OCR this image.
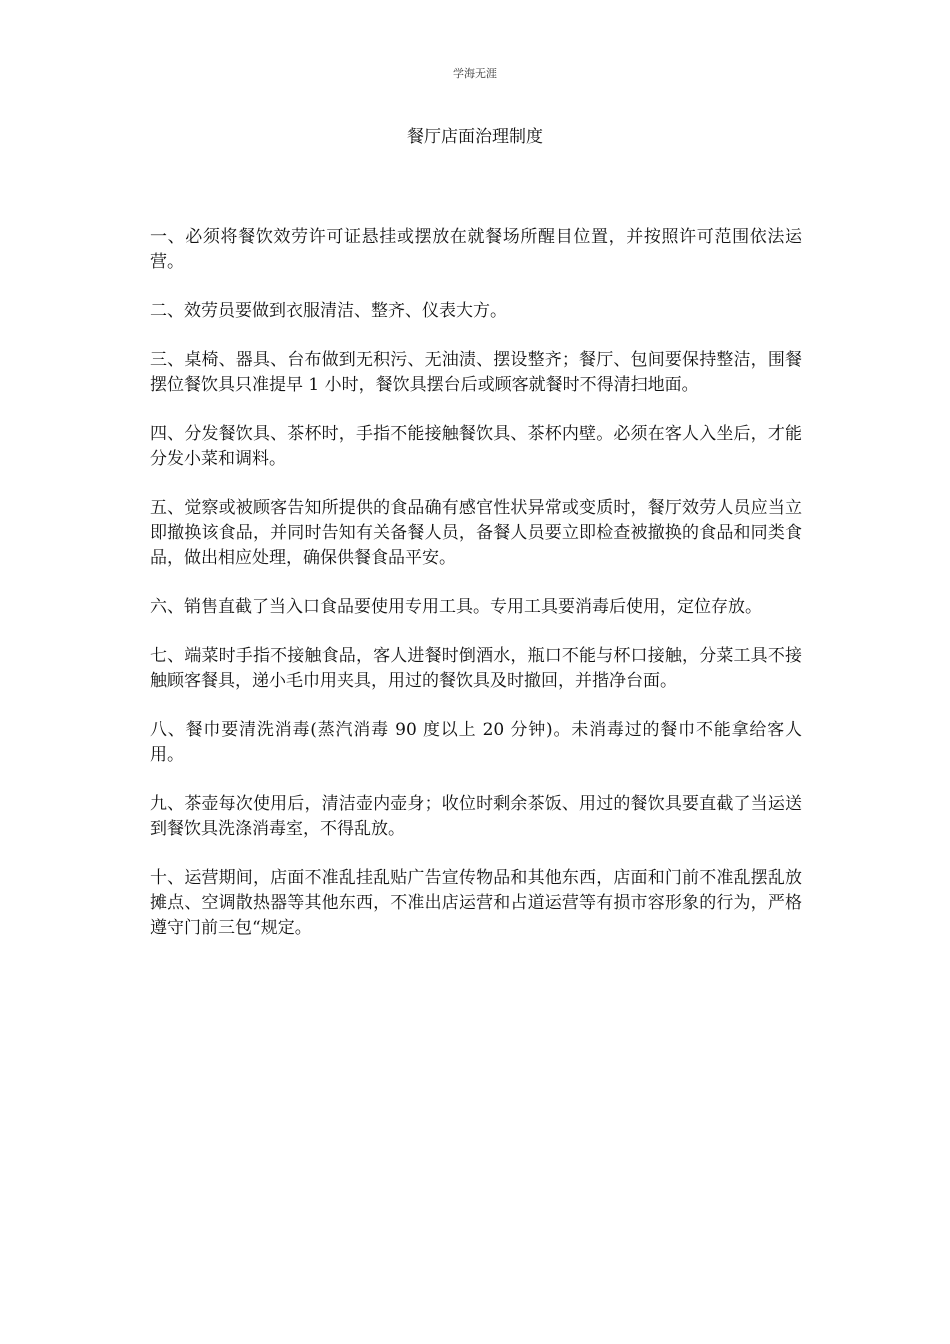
学海无涯
餐厅店面治理制度

一、必须将餐饮效劳许可证悬挂或摆放在就餐场所醒目位置，并按照许可范围依法运营。

二、效劳员要做到衣服清洁、整齐、仪表大方。

三、桌椅、器具、台布做到无积污、无油渍、摆设整齐；餐厅、包间要保持整洁，围餐摆位餐饮具只准提早 1 小时，餐饮具摆台后或顾客就餐时不得清扫地面。

四、分发餐饮具、茶杯时，手指不能接触餐饮具、茶杯内壁。必须在客人入坐后，才能分发小菜和调料。

五、觉察或被顾客告知所提供的食品确有感官性状异常或变质时，餐厅效劳人员应当立即撤换该食品，并同时告知有关备餐人员，备餐人员要立即检查被撤换的食品和同类食品，做出相应处理，确保供餐食品平安。

六、销售直截了当入口食品要使用专用工具。专用工具要消毒后使用，定位存放。

七、端菜时手指不接触食品，客人进餐时倒酒水，瓶口不能与杯口接触，分菜工具不接触顾客餐具，递小毛巾用夹具，用过的餐饮具及时撤回，并揩净台面。

八、餐巾要清洗消毒(蒸汽消毒 90 度以上 20 分钟)。未消毒过的餐巾不能拿给客人用。

九、茶壶每次使用后，清洁壶内壶身；收位时剩余茶饭、用过的餐饮具要直截了当运送到餐饮具洗涤消毒室，不得乱放。

十、运营期间，店面不准乱挂乱贴广告宣传物品和其他东西，店面和门前不准乱摆乱放摊点、空调散热器等其他东西，不准出店运营和占道运营等有损市容形象的行为，严格遵守门前三包“规定。
